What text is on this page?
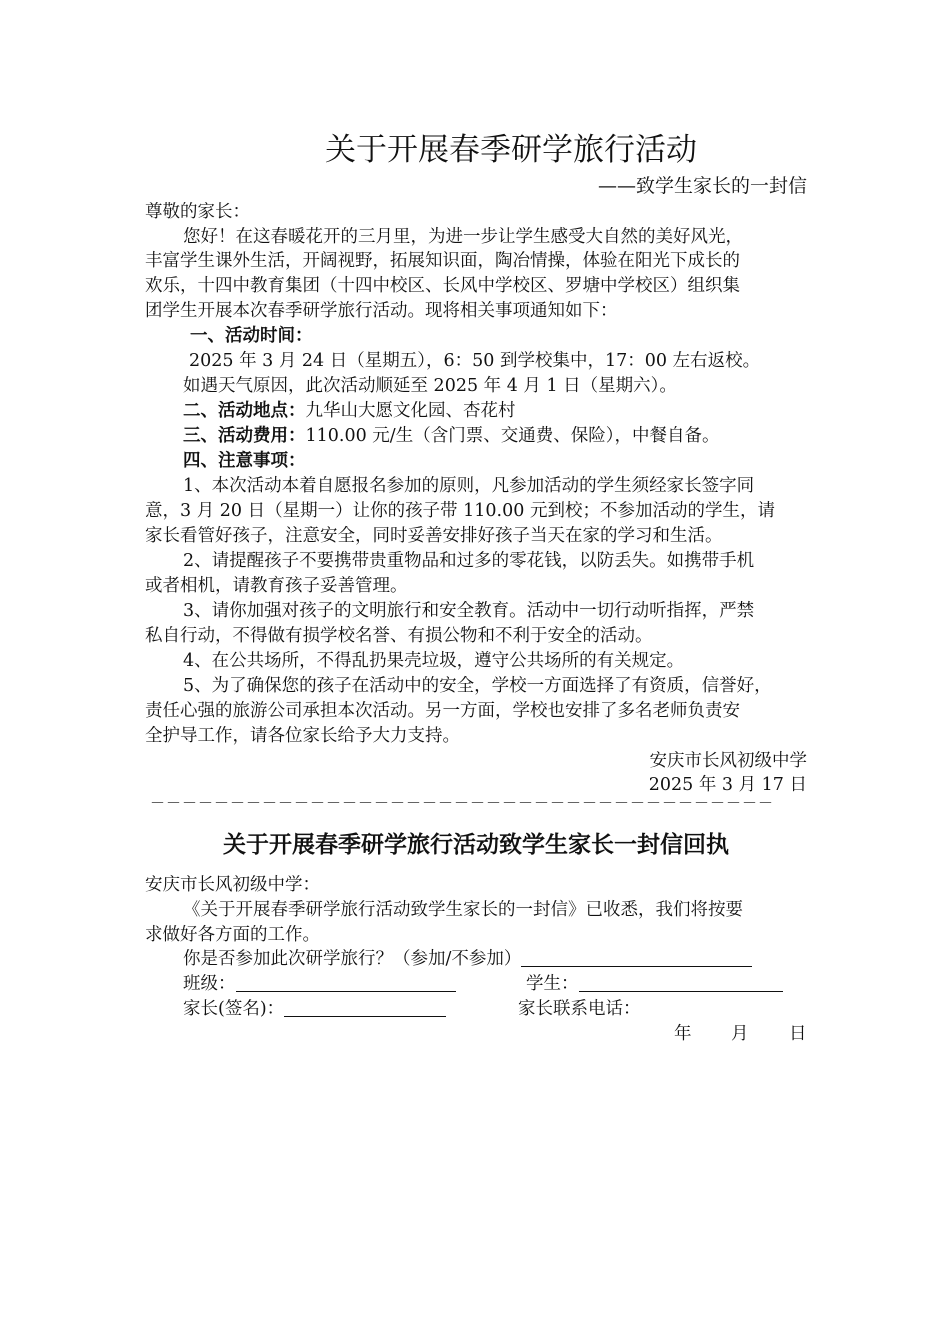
关于开展春季研学旅行活动
——致学生家长的一封信
尊敬的家长：
您好！在这春暖花开的三月里，为进一步让学生感受大自然的美好风光，
丰富学生课外生活，开阔视野，拓展知识面，陶冶情操，体验在阳光下成长的
欢乐，十四中教育集团（十四中校区、长风中学校区、罗塘中学校区）组织集
团学生开展本次春季研学旅行活动。现将相关事项通知如下：
一、活动时间：
2025 年 3 月 24 日（星期五），6：50 到学校集中，17：00 左右返校。
如遇天气原因，此次活动顺延至 2025 年 4 月 1 日（星期六）。
二、活动地点：九华山大愿文化园、杏花村
三、活动费用：110.00 元/生（含门票、交通费、保险），中餐自备。
四、注意事项：
1、本次活动本着自愿报名参加的原则，凡参加活动的学生须经家长签字同
意，3 月 20 日（星期一）让你的孩子带 110.00 元到校；不参加活动的学生，请
家长看管好孩子，注意安全，同时妥善安排好孩子当天在家的学习和生活。
2、请提醒孩子不要携带贵重物品和过多的零花钱，以防丢失。如携带手机
或者相机，请教育孩子妥善管理。
3、请你加强对孩子的文明旅行和安全教育。活动中一切行动听指挥，严禁
私自行动，不得做有损学校名誉、有损公物和不利于安全的活动。
4、在公共场所，不得乱扔果壳垃圾，遵守公共场所的有关规定。
5、为了确保您的孩子在活动中的安全，学校一方面选择了有资质，信誉好，
责任心强的旅游公司承担本次活动。另一方面，学校也安排了多名老师负责安
全护导工作，请各位家长给予大力支持。
安庆市长风初级中学
2025 年 3 月 17 日
－－－－－－－－－－－－－－－－－－－－－－－－－－－－－－－－－－－－－－－
关于开展春季研学旅行活动致学生家长一封信回执
安庆市长风初级中学：
《关于开展春季研学旅行活动致学生家长的一封信》已收悉，我们将按要
求做好各方面的工作。
你是否参加此次研学旅行？（参加/不参加）
班级：	学生：
家长(签名)：	家长联系电话：
年 月 日
